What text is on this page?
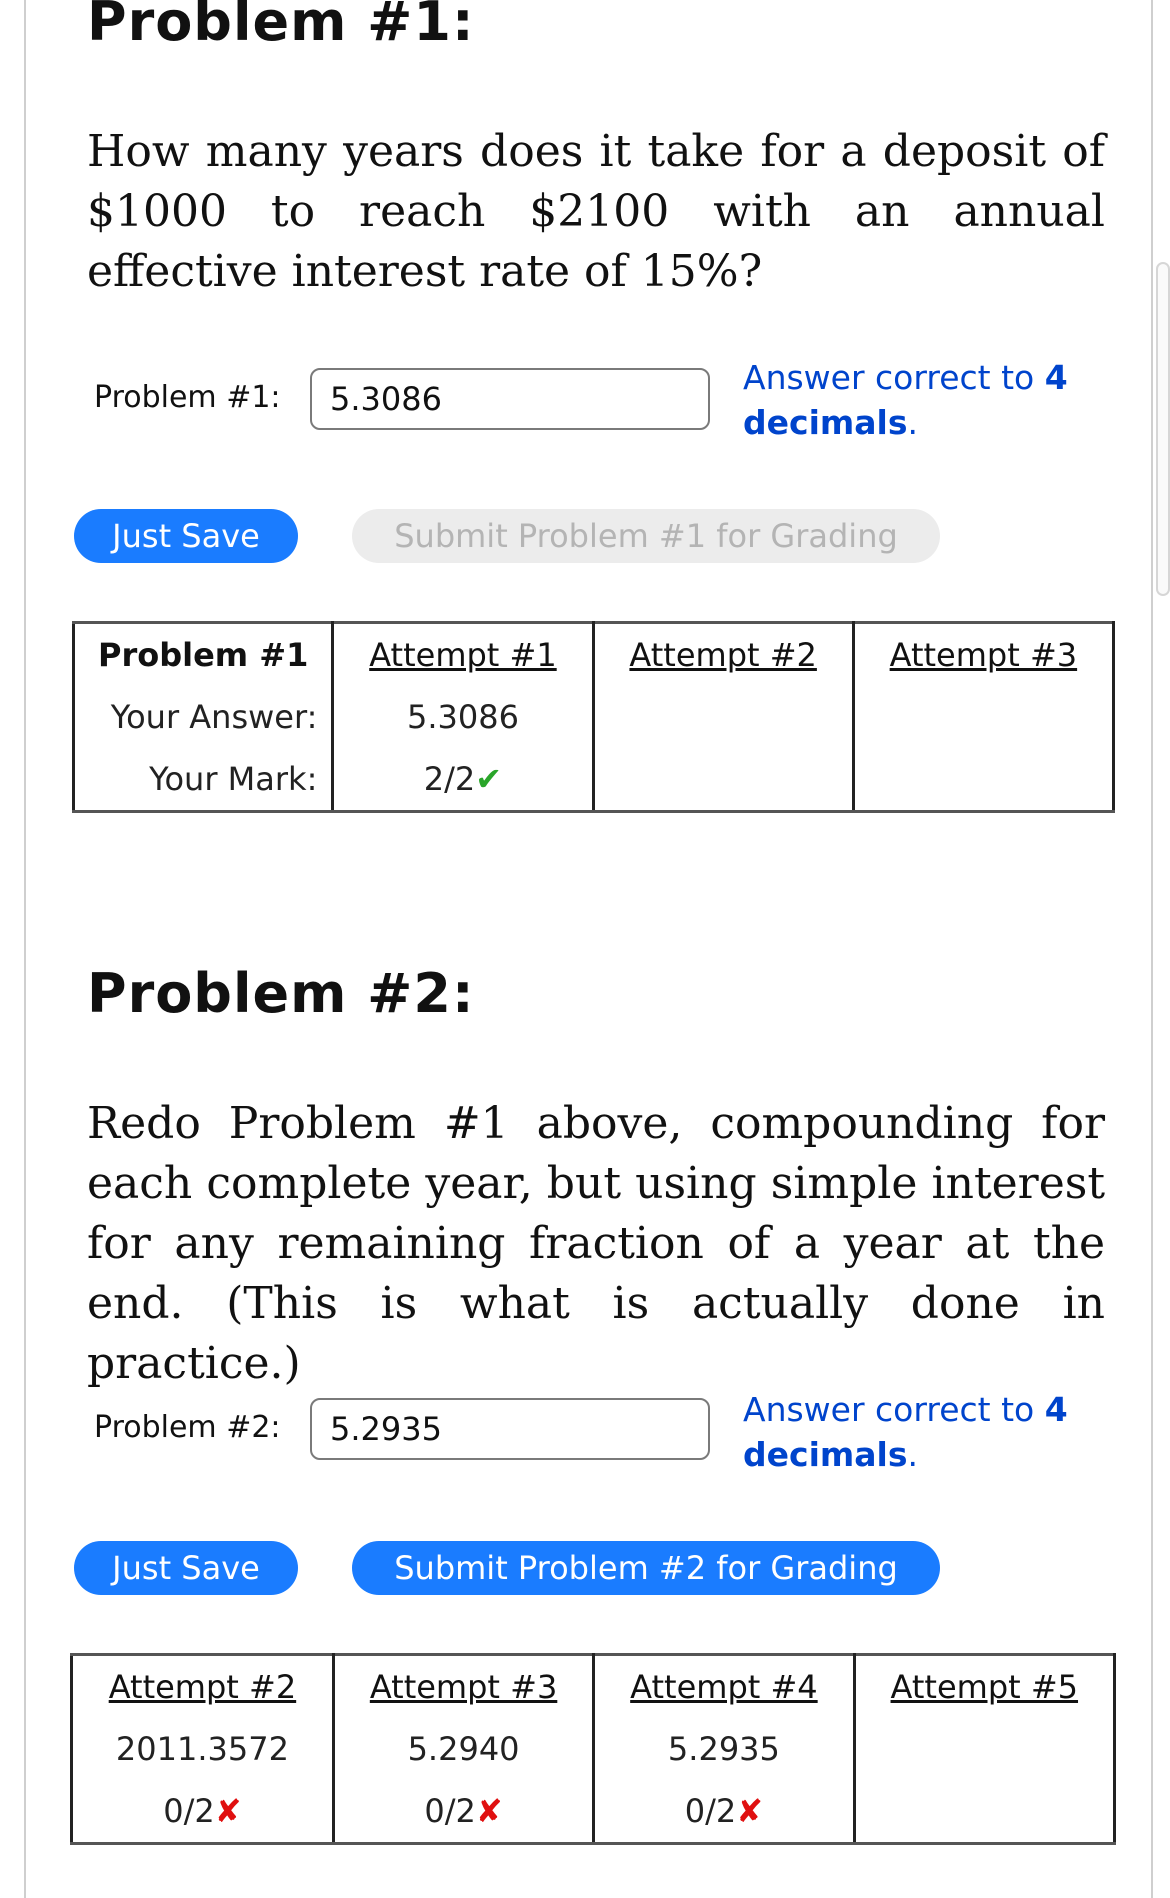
Problem #1:

How many years does it take for a deposit of $1000 to reach $2100 with an annual effective interest rate of 15%?

Problem #1:
5.3086
Answer correct to 4
decimals.
Just Save	Submit Problem #1 for Grading
Problem #1	Attempt #1	Attempt #2	Attempt #3
Your Answer:	5.3086		
Your Mark:	2/2✔		
Problem #2:

Redo Problem #1 above, compounding for each complete year, but using simple interest for any remaining fraction of a year at the end. (This is what is actually done in practice.)

Problem #2:
5.2935	Answer correct to 4
decimals.
Just Save	Submit Problem #2 for Grading
Attempt #2	Attempt #3	Attempt #4	Attempt #5
2011.3572	5.2940	5.2935	
0/2✘	0/2✘	0/2✘	
